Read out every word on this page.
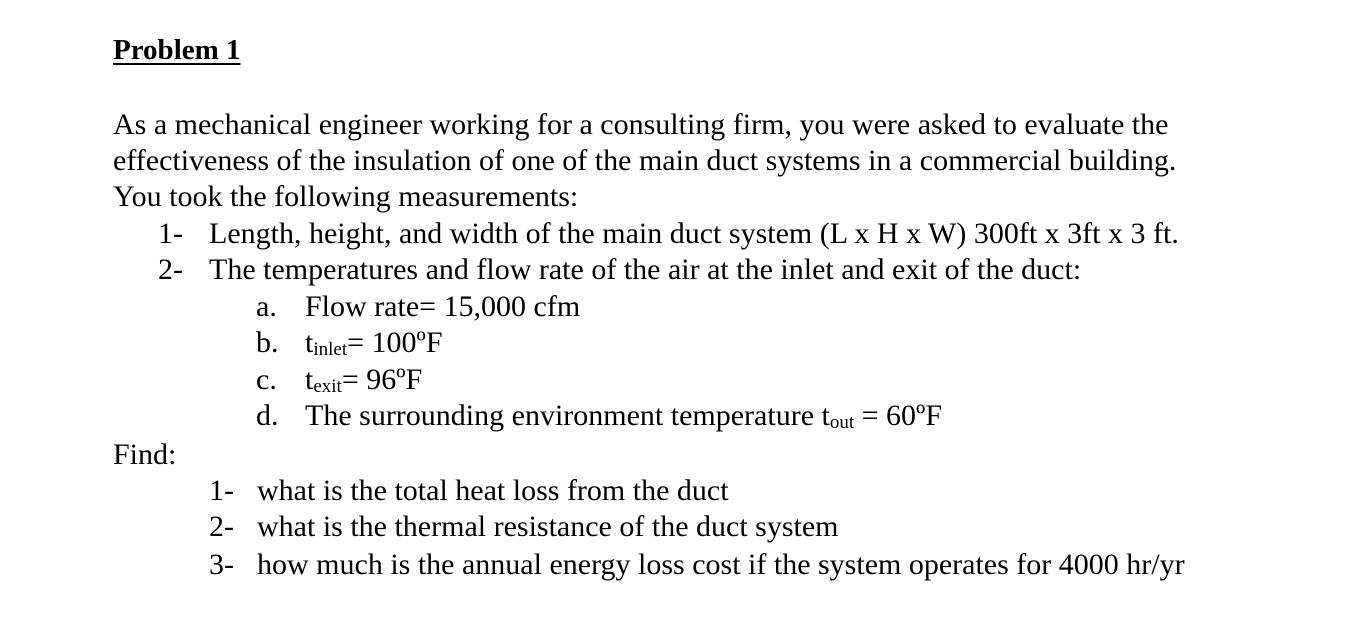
Problem 1
As a mechanical engineer working for a consulting firm, you were asked to evaluate the
effectiveness of the insulation of one of the main duct systems in a commercial building.
You took the following measurements:
1- Length, height, and width of the main duct system (L x H x W) 300ft x 3ft x 3 ft.
2- The temperatures and flow rate of the air at the inlet and exit of the duct:
a. Flow rate= 15,000 cfm
b. tinlet= 100ºF
c. texit= 96ºF
d. The surrounding environment temperature tout = 60ºF
Find:
1- what is the total heat loss from the duct
2- what is the thermal resistance of the duct system
3- how much is the annual energy loss cost if the system operates for 4000 hr/yr
